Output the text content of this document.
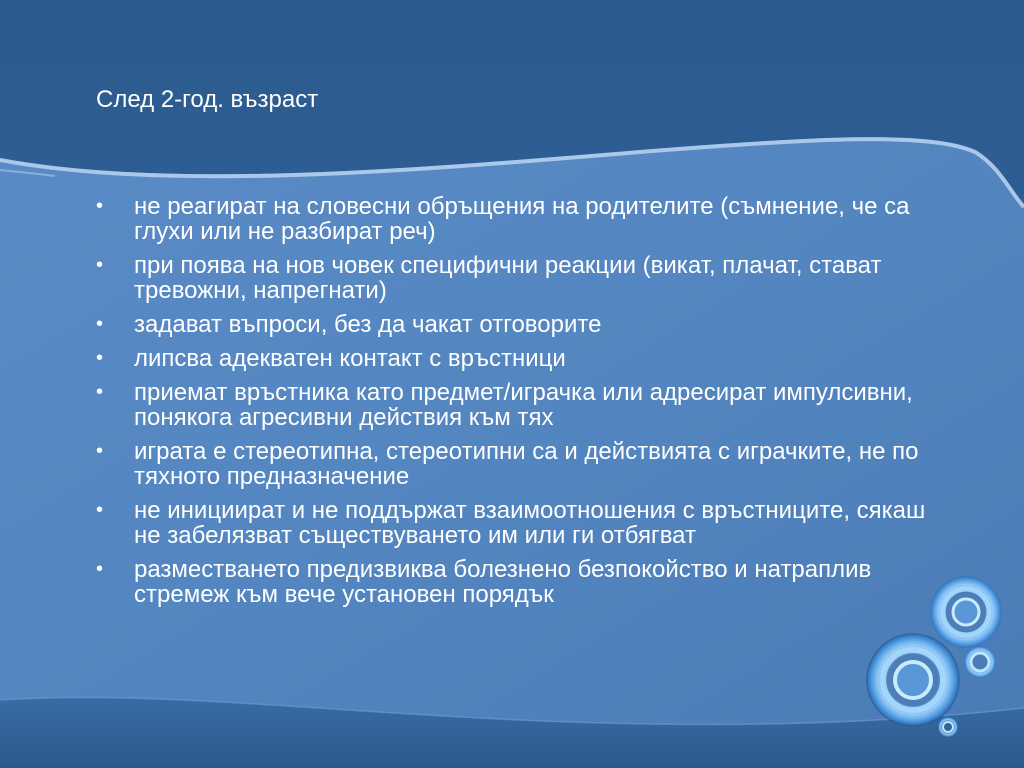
След 2-год. възраст
•	не реагират на словесни обръщения на родителите (съмнение, че са глухи или не разбират реч)
•	при поява на нов човек специфични реакции (викат, плачат, стават тревожни, напрегнати)
•	задават въпроси, без да чакат отговорите
•	липсва адекватен контакт с връстници
•	приемат връстника като предмет/играчка или адресират импулсивни, понякога агресивни действия към тях
•	играта е стереотипна, стереотипни са и действията с играчките, не по тяхното предназначение
•	не инициират и не поддържат взаимоотношения с връстниците, сякаш не забелязват съществуването им или ги отбягват
•	разместването предизвиква болезнено безпокойство и натраплив стремеж към вече установен порядък
